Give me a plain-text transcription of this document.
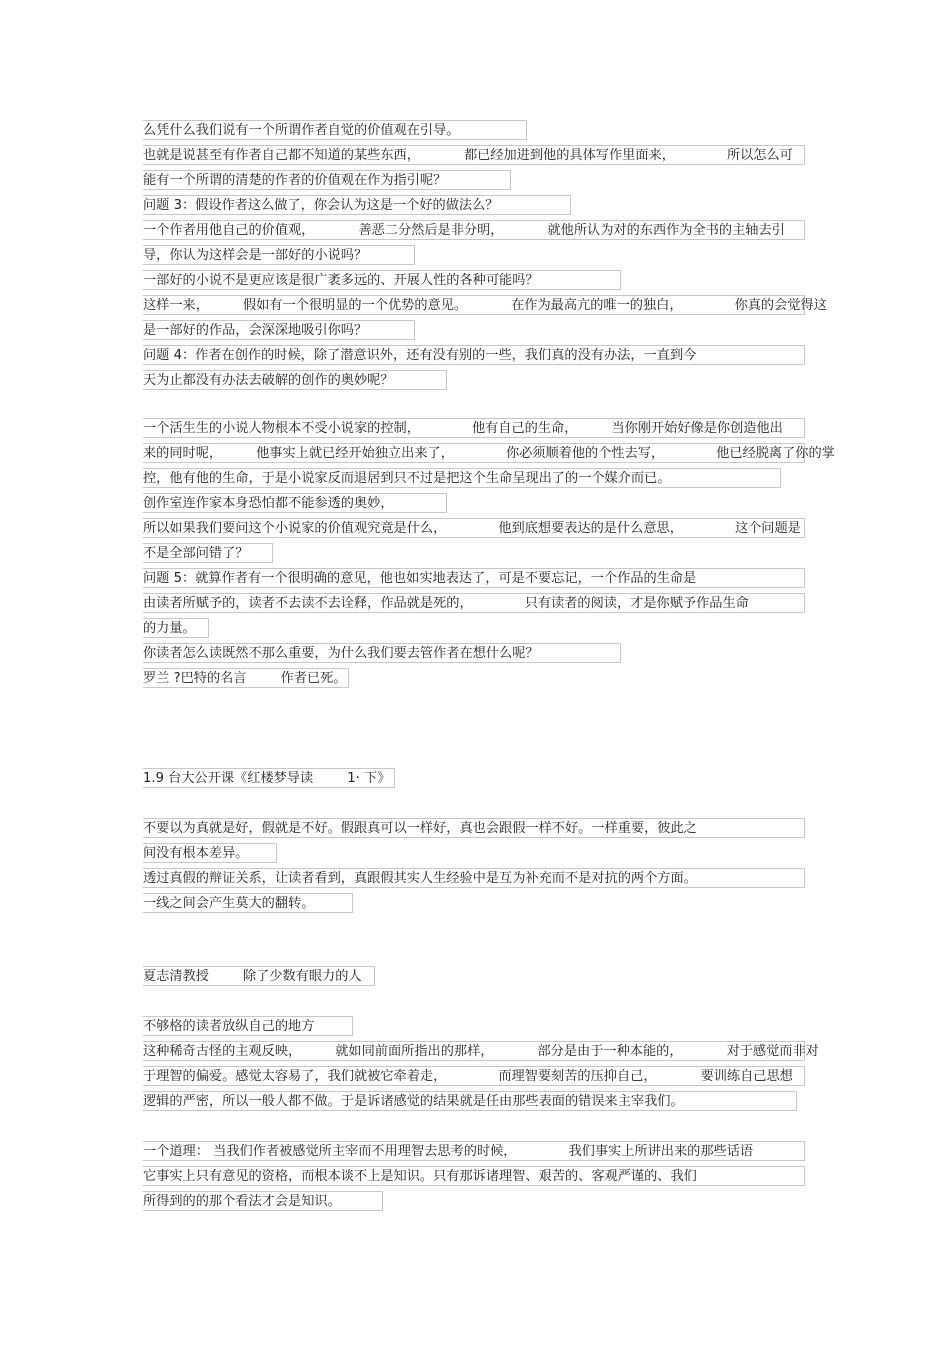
么凭什么我们说有一个所谓作者自觉的价值观在引导。
也就是说甚至有作者自己都不知道的某些东西，	都已经加进到他的具体写作里面来，	所以怎么可
能有一个所谓的清楚的作者的价值观在作为指引呢？
问题 3：假设作者这么做了，你会认为这是一个好的做法么？
一个作者用他自己的价值观，	善恶二分然后是非分明，	就他所认为对的东西作为全书的主轴去引
导，你认为这样会是一部好的小说吗？
一部好的小说不是更应该是很广袤多远的、开展人性的各种可能吗？
这样一来，	假如有一个很明显的一个优势的意见。	在作为最高亢的唯一的独白，	你真的会觉得这
是一部好的作品，会深深地吸引你吗？
问题 4：作者在创作的时候，除了潜意识外，还有没有别的一些，我们真的没有办法，一直到今
天为止都没有办法去破解的创作的奥妙呢？
一个活生生的小说人物根本不受小说家的控制，	他有自己的生命，	当你刚开始好像是你创造他出
来的同时呢，	他事实上就已经开始独立出来了，	你必须顺着他的个性去写，	他已经脱离了你的掌
控，他有他的生命，于是小说家反而退居到只不过是把这个生命呈现出了的一个媒介而已。
创作室连作家本身恐怕都不能参透的奥妙，
所以如果我们要问这个小说家的价值观究竟是什么，	他到底想要表达的是什么意思，	这个问题是
不是全部问错了？
问题 5：就算作者有一个很明确的意见，他也如实地表达了，可是不要忘记，一个作品的生命是
由读者所赋予的，读者不去读不去诠释，作品就是死的，	只有读者的阅读，才是你赋予作品生命
的力量。
你读者怎么读既然不那么重要，为什么我们要去管作者在想什么呢？
罗兰 ?巴特的名言	作者已死。
1.9 台大公开课《红楼梦导读	1· 下》
不要以为真就是好，假就是不好。假跟真可以一样好，真也会跟假一样不好。一样重要，彼此之
间没有根本差异。
透过真假的辩证关系，让读者看到，真跟假其实人生经验中是互为补充而不是对抗的两个方面。
一线之间会产生莫大的翻转。
夏志清教授	除了少数有眼力的人
不够格的读者放纵自己的地方
这种稀奇古怪的主观反映，	就如同前面所指出的那样，	部分是由于一种本能的，	对于感觉而非对
于理智的偏爱。感觉太容易了，我们就被它牵着走，	而理智要刻苦的压抑自己，	要训练自己思想
逻辑的严密，所以一般人都不做。于是诉诸感觉的结果就是任由那些表面的错误来主宰我们。
一个道理： 当我们作者被感觉所主宰而不用理智去思考的时候，	我们事实上所讲出来的那些话语
它事实上只有意见的资格，而根本谈不上是知识。只有那诉诸理智、艰苦的、客观严谨的、我们
所得到的的那个看法才会是知识。
